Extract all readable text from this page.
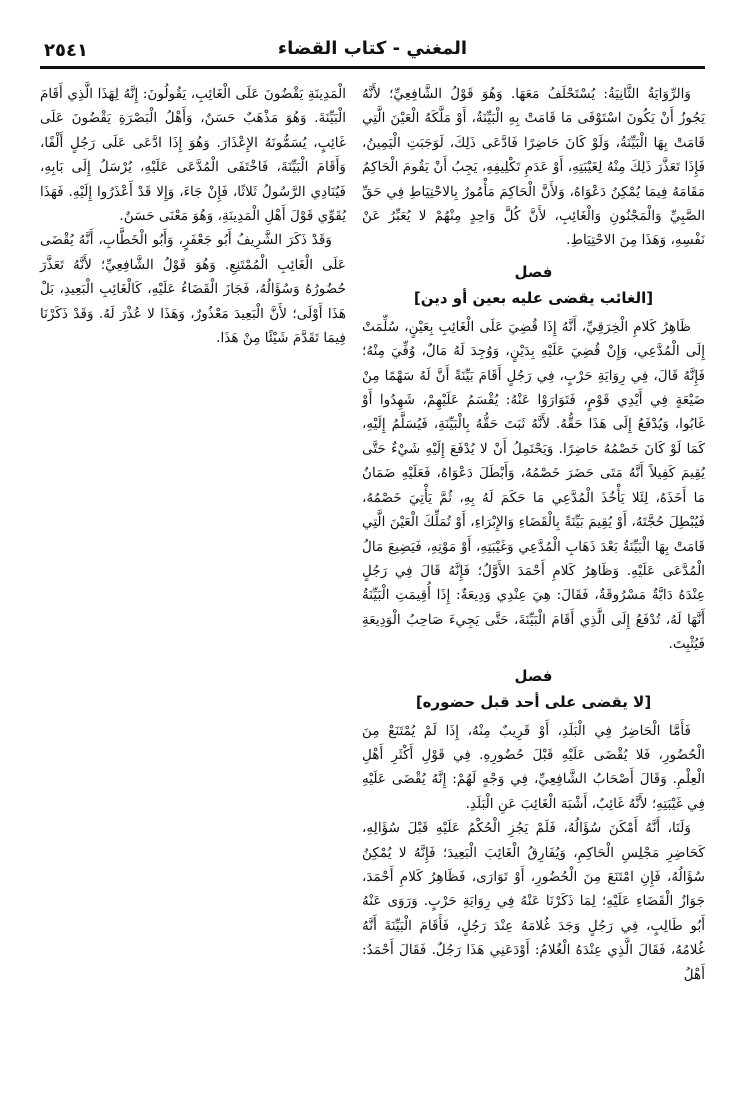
٢٥٤١	المغني - كتاب القضاء

وَالرِّوَايَةُ الثَّانِيَةُ: يُسْتَحْلَفُ مَعَهَا. وَهُوَ قَوْلُ الشَّافِعِيِّ؛ لأَنَّهُ يَجُوزُ أَنْ يَكُونَ اسْتَوْفَى مَا قَامَتْ بِهِ الْبَيِّنَةُ، أَوْ مَلَّكَهُ الْعَيْنَ الَّتِي قَامَتْ بِهَا الْبَيِّنَةُ، وَلَوْ كَانَ حَاضِرًا فَادَّعَى ذَلِكَ، لَوَجَبَتِ الْيَمِينُ، فَإِذَا تَعَذَّرَ ذَلِكَ مِنْهُ لِغَيْبَتِهِ، أَوْ عَدَمِ تَكْلِيفِهِ، يَجِبُ أَنْ يَقُومَ الْحَاكِمُ مَقَامَهُ فِيمَا يُمْكِنُ دَعْوَاهُ، وَلأَنَّ الْحَاكِمَ مَأْمُورٌ بِالاحْتِيَاطِ فِي حَقِّ الصَّبِيِّ وَالْمَجْنُونِ وَالْغَائِبِ، لأَنَّ كُلَّ وَاحِدٍ مِنْهُمْ لا يُعَبِّرُ عَنْ نَفْسِهِ، وَهَذَا مِنَ الاحْتِيَاطِ.

فصل
[الغائب يقضى عليه بعين أو دين]

ظَاهِرُ كَلامِ الْخِرَقِيِّ، أَنَّهُ إِذَا قُضِيَ عَلَى الْغَائِبِ بِعَيْنٍ، سُلِّمَتْ إِلَى الْمُدَّعِي، وَإِنْ قُضِيَ عَلَيْهِ بِدَيْنٍ، وَوُجِدَ لَهُ مَالٌ، وُفِّيَ مِنْهُ؛ فَإِنَّهُ قَالَ، فِي رِوَايَةِ حَرْبٍ، فِي رَجُلٍ أَقَامَ بَيِّنَةً أَنَّ لَهُ سَهْمًا مِنْ ضَيْعَةٍ فِي أَيْدِي قَوْمٍ، فَتَوَارَوْا عَنْهُ: يُقْسَمُ عَلَيْهِمْ، شَهِدُوا أَوْ غَابُوا، وَيُدْفَعُ إِلَى هَذَا حَقُّهُ. لأَنَّهُ ثَبَتَ حَقُّهُ بِالْبَيِّنَةِ، فَيُسَلَّمُ إِلَيْهِ، كَمَا لَوْ كَانَ خَصْمُهُ حَاضِرًا. وَيَحْتَمِلُ أَنْ لا يُدْفَعَ إِلَيْهِ شَيْءٌ حَتَّى يُقِيمَ كَفِيلاً أَنَّهُ مَتَى حَضَرَ خَصْمُهُ، وَأَبْطَلَ دَعْوَاهُ، فَعَلَيْهِ ضَمَانُ مَا أَخَذَهُ، لِئَلا يَأْخُذَ الْمُدَّعِي مَا حَكَمَ لَهُ بِهِ، ثُمَّ يَأْتِيَ خَصْمُهُ، فَيُبْطِلَ حُجَّتَهُ، أَوْ يُقِيمَ بَيِّنَةً بِالْقَضَاءِ وَالإِبْرَاءِ، أَوْ تُمَلِّكَ الْعَيْنَ الَّتِي قَامَتْ بِهَا الْبَيِّنَةُ بَعْدَ ذَهَابِ الْمُدَّعِي وَغَيْبَتِهِ، أَوْ مَوْتِهِ، فَيَضِيعَ مَالُ الْمُدَّعَى عَلَيْهِ. وَظَاهِرُ كَلامِ أَحْمَدَ الأَوَّلُ؛ فَإِنَّهُ قَالَ فِي رَجُلٍ عِنْدَهُ دَابَّةٌ مَسْرُوقَةٌ، فَقَالَ: هِيَ عِنْدِي وَدِيعَةٌ: إِذَا أُقِيمَتِ الْبَيِّنَةُ أَنَّهَا لَهُ، تُدْفَعُ إِلَى الَّذِي أَقَامَ الْبَيِّنَةَ، حَتَّى يَجِيءَ صَاحِبُ الْوَدِيعَةِ فَيُثْبِتَ.

فصل
[لا يقضى على أحد قبل حضوره]

فَأَمَّا الْحَاضِرُ فِي الْبَلَدِ، أَوْ قَرِيبٌ مِنْهُ، إِذَا لَمْ يُمْتَنَعْ مِنَ الْحُضُورِ، فَلا يُقْضَى عَلَيْهِ قَبْلَ حُضُورِهِ. فِي قَوْلِ أَكْثَرِ أَهْلِ الْعِلْمِ. وَقَالَ أَصْحَابُ الشَّافِعِيِّ، فِي وَجْهٍ لَهُمْ: إِنَّهُ يُقْضَى عَلَيْهِ فِي غَيْبَتِهِ؛ لأَنَّهُ غَائِبٌ، أَشْبَهَ الْغَائِبَ عَنِ الْبَلَدِ.

وَلَنَا، أَنَّهُ أَمْكَنَ سُؤَالُهُ، فَلَمْ يَجُزِ الْحُكْمُ عَلَيْهِ قَبْلَ سُؤَالِهِ، كَحَاضِرِ مَجْلِسِ الْحَاكِمِ، وَيُفَارِقُ الْغَائِبَ الْبَعِيدَ؛ فَإِنَّهُ لا يُمْكِنُ سُؤَالُهُ، فَإِنِ امْتَنَعَ مِنَ الْحُضُورِ، أَوْ تَوَارَى، فَظَاهِرُ كَلامِ أَحْمَدَ، جَوَازُ الْقَضَاءِ عَلَيْهِ؛ لِمَا ذَكَرْنَا عَنْهُ فِي رِوَايَةِ حَرْبٍ. وَرَوَى عَنْهُ أَبُو طَالِبٍ، فِي رَجُلٍ وَجَدَ غُلامَهُ عِنْدَ رَجُلٍ، فَأَقَامَ الْبَيِّنَةَ أَنَّهُ غُلامُهُ، فَقَالَ الَّذِي عِنْدَهُ الْغُلامُ: أَوْدَعَنِي هَذَا رَجُلٌ. فَقَالَ أَحْمَدُ: أَهْلُ

الْمَدِينَةِ يَقْضُونَ عَلَى الْغَائِبِ، يَقُولُونَ: إِنَّهُ لِهَذَا الَّذِي أَقَامَ الْبَيِّنَةَ. وَهُوَ مَذْهَبٌ حَسَنٌ، وَأَهْلُ الْبَصْرَةِ يَقْضُونَ عَلَى غَائِبٍ، يُسَمُّونَهُ الإِعْذَارَ. وَهُوَ إِذَا ادَّعَى عَلَى رَجُلٍ أَلْفًا، وَأَقَامَ الْبَيِّنَةَ، فَاخْتَفَى الْمُدَّعَى عَلَيْهِ، يُرْسَلُ إِلَى بَابِهِ، فَيُنَادِي الرَّسُولُ ثَلاثًا، فَإِنْ جَاءَ، وَإِلا قَدْ أَعْذَرُوا إِلَيْهِ. فَهَذَا يُقَوِّي قَوْلَ أَهْلِ الْمَدِينَةِ، وَهُوَ مَعْنَى حَسَنٌ.

وَقَدْ ذَكَرَ الشَّرِيفُ أَبُو جَعْفَرٍ، وَأَبُو الْخَطَّابِ، أَنَّهُ يُقْضَى عَلَى الْغَائِبِ الْمُمْتَنِعِ. وَهُوَ قَوْلُ الشَّافِعِيِّ؛ لأَنَّهُ تَعَذَّرَ حُضُورُهُ وَسُؤَالُهُ، فَجَازَ الْقَضَاءُ عَلَيْهِ، كَالْغَائِبِ الْبَعِيدِ، بَلْ هَذَا أَوْلَى؛ لأَنَّ الْبَعِيدَ مَعْذُورٌ، وَهَذَا لا عُذْرَ لَهُ. وَقَدْ ذَكَرْنَا فِيمَا تَقَدَّمَ شَيْئًا مِنْ هَذَا.
